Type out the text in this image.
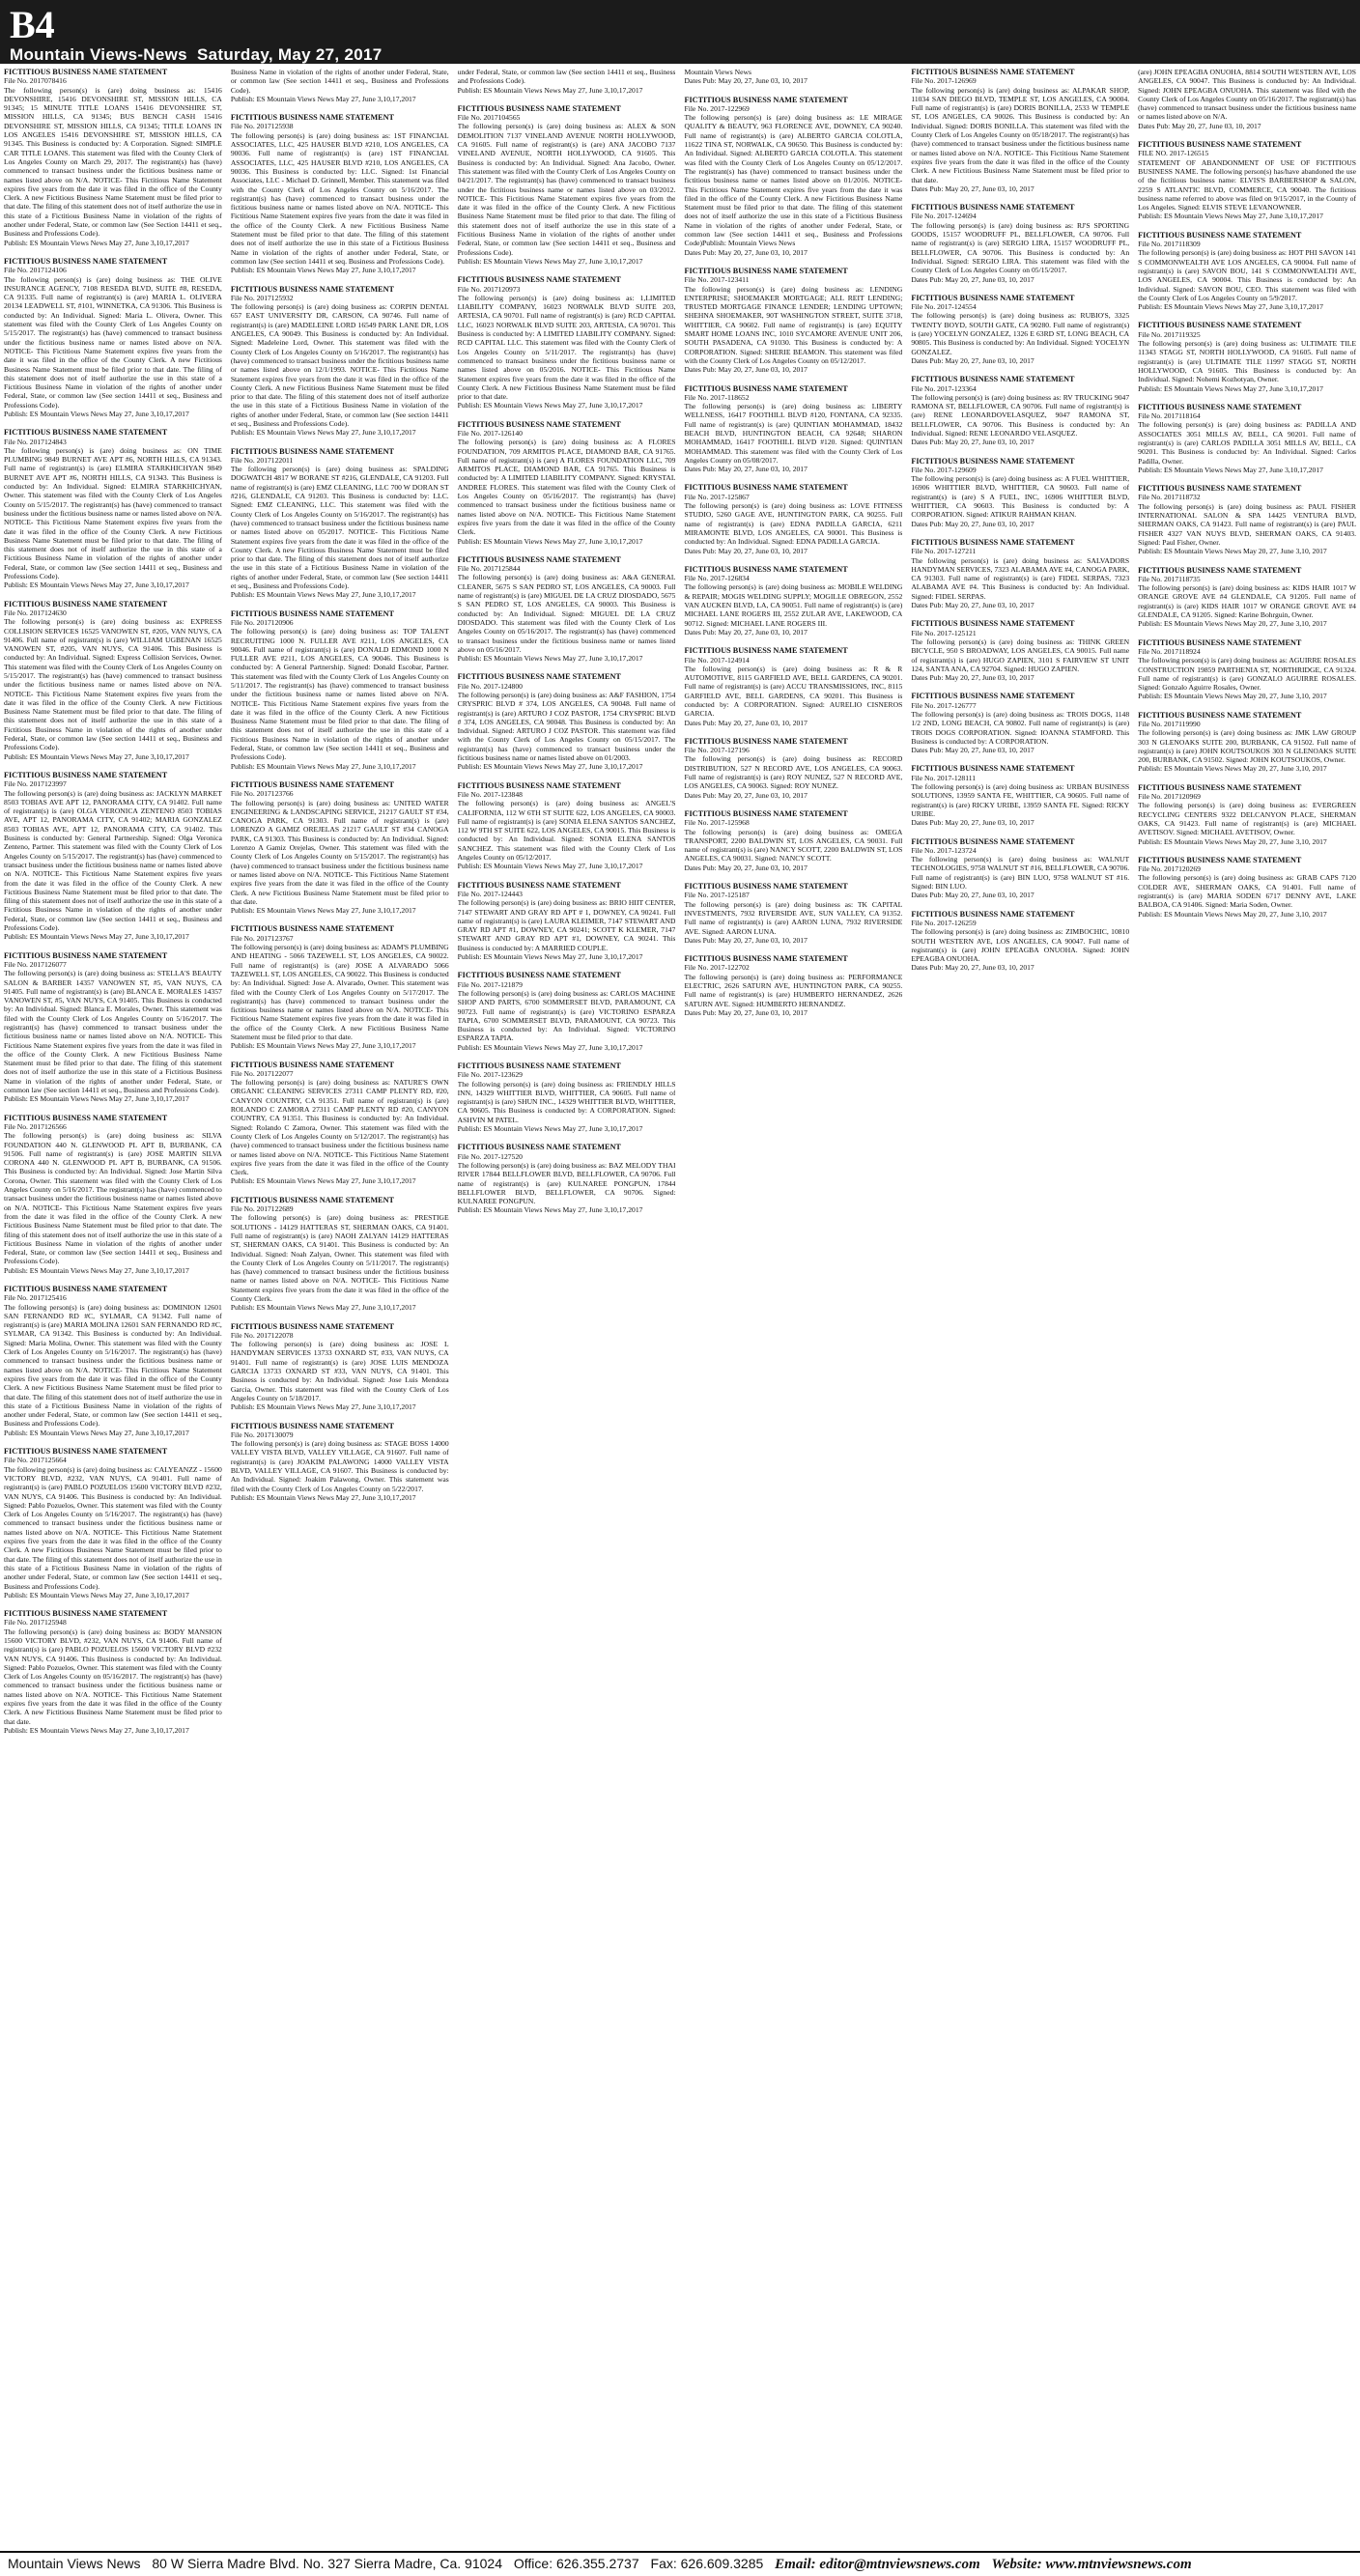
B4
Mountain Views-News Saturday, May 27, 2017
FICTITIOUS BUSINESS NAME STATEMENT

File No. 2017078416

The following person(s) is (are) doing business as: 15416 DEVONSHIRE, 15416 DEVONSHIRE ST, MISSION HILLS, CA 91345; 15 MINUTE TITLE LOANS 15416 DEVONSHIRE ST, MISSION HILLS, CA 91345; BUS BENCH CASH 15416 DEVONSHIRE ST, MISSION HILLS, CA 91345; TITLE LOANS IN LOS ANGELES 15416 DEVONSHIRE ST, MISSION HILLS, CA 91345. This Business is conducted by: A Corporation. Signed: SIMPLE CAR TITLE LOANS. This statement was filed with the County Clerk of Los Angeles County on March 29, 2017. The registrant(s) has (have) commenced to transact business under the fictitious business name or names listed above on N/A. NOTICE- This Fictitious Name Statement expires five years from the date it was filed in the office of the County Clerk. A new Fictitious Business Name Statement must be filed prior to that date. The filing of this statement does not of itself authorize the use in this state of a Fictitious Business Name in violation of the rights of another under Federal, State, or common law (See Section 14411 et seq., Business and Professions Code).

Publish: ES Mountain Views News May 27, June 3,10,17,2017

FICTITIOUS BUSINESS NAME STATEMENT

File No. 2017124106

The following person(s) is (are) doing business as: THE OLIVE INSURANCE AGENCY, 7108 RESEDA BLVD, SUITE #8, RESEDA, CA 91335. Full name of registrant(s) is (are) MARIA L. OLIVERA 20134 LEADWELL ST, #101, WINNETKA, CA 91306. This Business is conducted by: An Individual. Signed: Maria L. Olivera, Owner. This statement was filed with the County Clerk of Los Angeles County on 5/15/2017. The registrant(s) has (have) commenced to transact business under the fictitious business name or names listed above on N/A. NOTICE- This Fictitious Name Statement expires five years from the date it was filed in the office of the County Clerk. A new Fictitious Business Name Statement must be filed prior to that date. The filing of this statement does not of itself authorize the use in this state of a Fictitious Business Name in violation of the rights of another under Federal, State, or common law (See section 14411 et seq., Business and Professions Code).

Publish: ES Mountain Views News May 27, June 3,10,17,2017

FICTITIOUS BUSINESS NAME STATEMENT

File No. 2017124843

The following person(s) is (are) doing business as: ON TIME PLUMBING 9849 BURNET AVE APT #6, NORTH HILLS, CA 91343. Full name of registrant(s) is (are) ELMIRA STARKHICHYAN 9849 BURNET AVE APT #6, NORTH HILLS, CA 91343. This Business is conducted by: An Individual. Signed: ELMIRA STARKHICHYAN, Owner. This statement was filed with the County Clerk of Los Angeles County on 5/15/2017. The registrant(s) has (have) commenced to transact business under the fictitious business name or names listed above on N/A. NOTICE- This Fictitious Name Statement expires five years from the date it was filed in the office of the County Clerk. A new Fictitious Business Name Statement must be filed prior to that date. The filing of this statement does not of itself authorize the use in this state of a Fictitious Business Name in violation of the rights of another under Federal, State, or common law (See section 14411 et seq., Business and Professions Code).

Publish: ES Mountain Views News May 27, June 3,10,17,2017

FICTITIOUS BUSINESS NAME STATEMENT

File No. 2017124630

The following person(s) is (are) doing business as: EXPRESS COLLISION SERVICES 16525 VANOWEN ST, #205, VAN NUYS, CA 91406. Full name of registrant(s) is (are) WILLIAM UGBENAN 16525 VANOWEN ST, #205, VAN NUYS, CA 91406. This Business is conducted by: An Individual. Signed: Express Collision Services, Owner. This statement was filed with the County Clerk of Los Angeles County on 5/15/2017. The registrant(s) has (have) commenced to transact business under the fictitious business name or names listed above on N/A. NOTICE- This Fictitious Name Statement expires five years from the date it was filed in the office of the County Clerk. A new Fictitious Business Name Statement must be filed prior to that date. The filing of this statement does not of itself authorize the use in this state of a Fictitious Business Name in violation of the rights of another under Federal, State, or common law (See section 14411 et seq., Business and Professions Code).

Publish: ES Mountain Views News May 27, June 3,10,17,2017

FICTITIOUS BUSINESS NAME STATEMENT

File No. 2017123997

The following person(s) is (are) doing business as: JACKLYN MARKET 8503 TOBIAS AVE APT 12, PANORAMA CITY, CA 91402. Full name of registrant(s) is (are) OLGA VERONICA ZENTENO 8503 TOBIAS AVE, APT 12, PANORAMA CITY, CA 91402; MARIA GONZALEZ 8503 TOBIAS AVE, APT 12, PANORAMA CITY, CA 91402. This Business is conducted by: General Partnership. Signed: Olga Veronica Zenteno, Partner. This statement was filed with the County Clerk of Los Angeles County on 5/15/2017. The registrant(s) has (have) commenced to transact business under the fictitious business name or names listed above on N/A. NOTICE- This Fictitious Name Statement expires five years from the date it was filed in the office of the County Clerk. A new Fictitious Business Name Statement must be filed prior to that date. The filing of this statement does not of itself authorize the use in this state of a Fictitious Business Name in violation of the rights of another under Federal, State, or common law (See section 14411 et seq., Business and Professions Code).

Publish: ES Mountain Views News May 27, June 3,10,17,2017

FICTITIOUS BUSINESS NAME STATEMENT

File No. 2017126077

The following person(s) is (are) doing business as: STELLA'S BEAUTY SALON & BARBER 14357 VANOWEN ST, #5, VAN NUYS, CA 91405. Full name of registrant(s) is (are) BLANCA E. MORALES 14357 VANOWEN ST, #5, VAN NUYS, CA 91405. This Business is conducted by: An Individual. Signed: Blanca E. Morales, Owner. This statement was filed with the County Clerk of Los Angeles County on 5/16/2017. The registrant(s) has (have) commenced to transact business under the fictitious business name or names listed above on N/A. NOTICE- This Fictitious Name Statement expires five years from the date it was filed in the office of the County Clerk. A new Fictitious Business Name Statement must be filed prior to that date. The filing of this statement does not of itself authorize the use in this state of a Fictitious Business Name in violation of the rights of another under Federal, State, or common law (See section 14411 et seq., Business and Professions Code).

Publish: ES Mountain Views News May 27, June 3,10,17,2017

FICTITIOUS BUSINESS NAME STATEMENT

File No. 2017126566

The following person(s) is (are) doing business as: SILVA FOUNDATION 440 N. GLENWOOD PL APT B, BURBANK, CA 91506. Full name of registrant(s) is (are) JOSE MARTIN SILVA CORONA 440 N. GLENWOOD PL APT B, BURBANK, CA 91506. This Business is conducted by: An Individual. Signed: Jose Martin Silva Corona, Owner. This statement was filed with the County Clerk of Los Angeles County on 5/16/2017. The registrant(s) has (have) commenced to transact business under the fictitious business name or names listed above on N/A. NOTICE- This Fictitious Name Statement expires five years from the date it was filed in the office of the County Clerk. A new Fictitious Business Name Statement must be filed prior to that date. The filing of this statement does not of itself authorize the use in this state of a Fictitious Business Name in violation of the rights of another under Federal, State, or common law (See section 14411 et seq., Business and Professions Code).

Publish: ES Mountain Views News May 27, June 3,10,17,2017

FICTITIOUS BUSINESS NAME STATEMENT

File No. 2017125416

The following person(s) is (are) doing business as: DOMINION 12601 SAN FERNANDO RD #C, SYLMAR, CA 91342. Full name of registrant(s) is (are) MARIA MOLINA 12601 SAN FERNANDO RD #C, SYLMAR, CA 91342. This Business is conducted by: An Individual. Signed: Maria Molina, Owner. This statement was filed with the County Clerk of Los Angeles County on 5/16/2017. The registrant(s) has (have) commenced to transact business under the fictitious business name or names listed above on N/A. NOTICE- This Fictitious Name Statement expires five years from the date it was filed in the office of the County Clerk. A new Fictitious Business Name Statement must be filed prior to that date. The filing of this statement does not of itself authorize the use in this state of a Fictitious Business Name in violation of the rights of another under Federal, State, or common law (See section 14411 et seq., Business and Professions Code).

Publish: ES Mountain Views News May 27, June 3,10,17,2017

FICTITIOUS BUSINESS NAME STATEMENT

File No. 2017125664

The following person(s) is (are) doing business as: CALYEANZZ - 15600 VICTORY BLVD, #232, VAN NUYS, CA 91401. Full name of registrant(s) is (are) PABLO POZUELOS 15600 VICTORY BLVD #232, VAN NUYS, CA 91406. This Business is conducted by: An Individual. Signed: Pablo Pozuelos, Owner. This statement was filed with the County Clerk of Los Angeles County on 5/16/2017. The registrant(s) has (have) commenced to transact business under the fictitious business name or names listed above on N/A. NOTICE- This Fictitious Name Statement expires five years from the date it was filed in the office of the County Clerk. A new Fictitious Business Name Statement must be filed prior to that date. The filing of this statement does not of itself authorize the use in this state of a Fictitious Business Name in violation of the rights of another under Federal, State, or common law (See section 14411 et seq., Business and Professions Code).

Publish: ES Mountain Views News May 27, June 3,10,17,2017

FICTITIOUS BUSINESS NAME STATEMENT

File No. 2017125948

The following person(s) is (are) doing business as: BODY MANSION 15600 VICTORY BLVD, #232, VAN NUYS, CA 91406. Full name of registrant(s) is (are) PABLO POZUELOS 15600 VICTORY BLVD #232 VAN NUYS, CA 91406. This Business is conducted by: An Individual. Signed: Pablo Pozuelos, Owner. This statement was filed with the County Clerk of Los Angeles County on 05/16/2017. The registrant(s) has (have) commenced to transact business under the fictitious business name or names listed above on N/A. NOTICE- This Fictitious Name Statement expires five years from the date it was filed in the office of the County Clerk. A new Fictitious Business Name Statement must be filed prior to that date.

Publish: ES Mountain Views News May 27, June 3,10,17,2017

Business Name in violation of the rights of another under Federal, State, or common law (See section 14411 et seq., Business and Professions Code).

Publish: ES Mountain Views News May 27, June 3,10,17,2017

FICTITIOUS BUSINESS NAME STATEMENT

File No. 2017125938

The following person(s) is (are) doing business as: 1ST FINANCIAL ASSOCIATES, LLC, 425 HAUSER BLVD #210, LOS ANGELES, CA 90036. Full name of registrant(s) is (are) 1ST FINANCIAL ASSOCIATES, LLC, 425 HAUSER BLVD #210, LOS ANGELES, CA 90036. This Business is conducted by: LLC. Signed: 1st Financial Associates, LLC - Michael D. Grinnell, Member. This statement was filed with the County Clerk of Los Angeles County on 5/16/2017. The registrant(s) has (have) commenced to transact business under the fictitious business name or names listed above on N/A. NOTICE- This Fictitious Name Statement expires five years from the date it was filed in the office of the County Clerk. A new Fictitious Business Name Statement must be filed prior to that date. The filing of this statement does not of itself authorize the use in this state of a Fictitious Business Name in violation of the rights of another under Federal, State, or common law (See section 14411 et seq. Business and Professions Code).

Publish: ES Mountain Views News May 27, June 3,10,17,2017

FICTITIOUS BUSINESS NAME STATEMENT

File No. 2017125932

The following person(s) is (are) doing business as: CORPIN DENTAL 657 EAST UNIVERSITY DR, CARSON, CA 90746. Full name of registrant(s) is (are) MADELEINE LORD 16549 PARK LANE DR, LOS ANGELES, CA 90049. This Business is conducted by: An Individual. Signed: Madeleine Lord, Owner. This statement was filed with the County Clerk of Los Angeles County on 5/16/2017. The registrant(s) has (have) commenced to transact business under the fictitious business name or names listed above on 12/1/1993. NOTICE- This Fictitious Name Statement expires five years from the date it was filed in the office of the County Clerk. A new Fictitious Business Name Statement must be filed prior to that date. The filing of this statement does not of itself authorize the use in this state of a Fictitious Business Name in violation of the rights of another under Federal, State, or common law (See section 14411 et seq., Business and Professions Code).

Publish: ES Mountain Views News May 27, June 3,10,17,2017

FICTITIOUS BUSINESS NAME STATEMENT

File No. 2017122011

The following person(s) is (are) doing business as: SPALDING DOGWATCH 4817 W BORANE ST #216, GLENDALE, CA 91203. Full name of registrant(s) is (are) EMZ CLEANING, LLC 700 W DORAN ST #216, GLENDALE, CA 91203. This Business is conducted by: LLC. Signed: EMZ CLEANING, LLC. This statement was filed with the County Clerk of Los Angeles County on 5/16/2017. The registrant(s) has (have) commenced to transact business under the fictitious business name or names listed above on 05/2017. NOTICE- This Fictitious Name Statement expires five years from the date it was filed in the office of the County Clerk. A new Fictitious Business Name Statement must be filed prior to that date. The filing of this statement does not of itself authorize the use in this state of a Fictitious Business Name in violation of the rights of another under Federal, State, or common law (See section 14411 et seq., Business and Professions Code).

Publish: ES Mountain Views News May 27, June 3,10,17,2017

FICTITIOUS BUSINESS NAME STATEMENT

File No. 2017120906

The following person(s) is (are) doing business as: TOP TALENT RECRUITING 1000 N. FULLER AVE #211, LOS ANGELES, CA 90046. Full name of registrant(s) is (are) DONALD EDMOND 1000 N FULLER AVE #211, LOS ANGELES, CA 90046. This Business is conducted by: A General Partnership. Signed: Donald Escobar, Partner. This statement was filed with the County Clerk of Los Angeles County on 5/11/2017. The registrant(s) has (have) commenced to transact business under the fictitious business name or names listed above on N/A. NOTICE- This Fictitious Name Statement expires five years from the date it was filed in the office of the County Clerk. A new Fictitious Business Name Statement must be filed prior to that date. The filing of this statement does not of itself authorize the use in this state of a Fictitious Business Name in violation of the rights of another under Federal, State, or common law (See section 14411 et seq., Business and Professions Code).

Publish: ES Mountain Views News May 27, June 3,10,17,2017

FICTITIOUS BUSINESS NAME STATEMENT

File No. 2017123766

The following person(s) is (are) doing business as: UNITED WATER ENGINEERING & LANDSCAPING SERVICE, 21217 GAULT ST #34, CANOGA PARK, CA 91303. Full name of registrant(s) is (are) LORENZO A GAMIZ OREJELAS 21217 GAULT ST #34 CANOGA PARK, CA 91303. This Business is conducted by: An Individual. Signed: Lorenzo A Gamiz Orejelas, Owner. This statement was filed with the County Clerk of Los Angeles County on 5/15/2017. The registrant(s) has (have) commenced to transact business under the fictitious business name or names listed above on N/A. NOTICE- This Fictitious Name Statement expires five years from the date it was filed in the office of the County Clerk. A new Fictitious Business Name Statement must be filed prior to that date.

Publish: ES Mountain Views News May 27, June 3,10,17,2017

FICTITIOUS BUSINESS NAME STATEMENT

File No. 2017123767

The following person(s) is (are) doing business as: ADAM'S PLUMBING AND HEATING - 5066 TAZEWELL ST, LOS ANGELES, CA 90022. Full name of registrant(s) is (are) JOSE A ALVARADO 5066 TAZEWELL ST, LOS ANGELES, CA 90022. This Business is conducted by: An Individual. Signed: Jose A. Alvarado, Owner. This statement was filed with the County Clerk of Los Angeles County on 5/17/2017. The registrant(s) has (have) commenced to transact business under the fictitious business name or names listed above on N/A. NOTICE- This Fictitious Name Statement expires five years from the date it was filed in the office of the County Clerk. A new Fictitious Business Name Statement must be filed prior to that date.

Publish: ES Mountain Views News May 27, June 3,10,17,2017

FICTITIOUS BUSINESS NAME STATEMENT

File No. 2017122077

The following person(s) is (are) doing business as: NATURE'S OWN ORGANIC CLEANING SERVICES 27311 CAMP PLENTY RD, #20, CANYON COUNTRY, CA 91351. Full name of registrant(s) is (are) ROLANDO C ZAMORA 27311 CAMP PLENTY RD #20, CANYON COUNTRY, CA 91351. This Business is conducted by: An Individual. Signed: Rolando C Zamora, Owner. This statement was filed with the County Clerk of Los Angeles County on 5/12/2017. The registrant(s) has (have) commenced to transact business under the fictitious business name or names listed above on N/A. NOTICE- This Fictitious Name Statement expires five years from the date it was filed in the office of the County Clerk.

Publish: ES Mountain Views News May 27, June 3,10,17,2017

FICTITIOUS BUSINESS NAME STATEMENT

File No. 2017122689

The following person(s) is (are) doing business as: PRESTIGE SOLUTIONS - 14129 HATTERAS ST, SHERMAN OAKS, CA 91401. Full name of registrant(s) is (are) NAOH ZALYAN 14129 HATTERAS ST, SHERMAN OAKS, CA 91401. This Business is conducted by: An Individual. Signed: Noah Zalyan, Owner. This statement was filed with the County Clerk of Los Angeles County on 5/11/2017. The registrant(s) has (have) commenced to transact business under the fictitious business name or names listed above on N/A. NOTICE- This Fictitious Name Statement expires five years from the date it was filed in the office of the County Clerk.

Publish: ES Mountain Views News May 27, June 3,10,17,2017

FICTITIOUS BUSINESS NAME STATEMENT

File No. 2017122078

The following person(s) is (are) doing business as: JOSE L HANDYMAN SERVICES 13733 OXNARD ST, #33, VAN NUYS, CA 91401. Full name of registrant(s) is (are) JOSE LUIS MENDOZA GARCIA 13733 OXNARD ST #33, VAN NUYS, CA 91401. This Business is conducted by: An Individual. Signed: Jose Luis Mendoza Garcia, Owner. This statement was filed with the County Clerk of Los Angeles County on 5/18/2017.

Publish: ES Mountain Views News May 27, June 3,10,17,2017

FICTITIOUS BUSINESS NAME STATEMENT

File No. 2017130079

The following person(s) is (are) doing business as: STAGE BOSS 14000 VALLEY VISTA BLVD, VALLEY VILLAGE, CA 91607. Full name of registrant(s) is (are) JOAKIM PALAWONG 14000 VALLEY VISTA BLVD, VALLEY VILLAGE, CA 91607. This Business is conducted by: An Individual. Signed: Joakim Palawong, Owner. This statement was filed with the County Clerk of Los Angeles County on 5/22/2017.

Publish: ES Mountain Views News May 27, June 3,10,17,2017

under Federal, State, or common law (See section 14411 et seq., Business and Professions Code).

Publish: ES Mountain Views News May 27, June 3,10,17,2017

FICTITIOUS BUSINESS NAME STATEMENT

File No. 2017104565

The following person(s) is (are) doing business as: ALEX & SON DEMOLITION 7137 VINELAND AVENUE NORTH HOLLYWOOD, CA 91605. Full name of registrant(s) is (are) ANA JACOBO 7137 VINELAND AVENUE, NORTH HOLLYWOOD, CA 91605. This Business is conducted by: An Individual. Signed: Ana Jacobo, Owner. This statement was filed with the County Clerk of Los Angeles County on 04/21/2017. The registrant(s) has (have) commenced to transact business under the fictitious business name or names listed above on 03/2012. NOTICE- This Fictitious Name Statement expires five years from the date it was filed in the office of the County Clerk. A new Fictitious Business Name Statement must be filed prior to that date. The filing of this statement does not of itself authorize the use in this state of a Fictitious Business Name in violation of the rights of another under Federal, State, or common law (See section 14411 et seq., Business and Professions Code).

Publish: ES Mountain Views News May 27, June 3,10,17,2017

FICTITIOUS BUSINESS NAME STATEMENT

File No. 2017120973

The following person(s) is (are) doing business as: 1,LIMITED LIABILITY COMPANY, 16023 NORWALK BLVD SUITE 203, ARTESIA, CA 90701. Full name of registrant(s) is (are) RCD CAPITAL LLC, 16023 NORWALK BLVD SUITE 203, ARTESIA, CA 90701. This Business is conducted by: A LIMITED LIABILITY COMPANY. Signed: RCD CAPITAL LLC. This statement was filed with the County Clerk of Los Angeles County on 5/11/2017. The registrant(s) has (have) commenced to transact business under the fictitious business name or names listed above on 05/2016. NOTICE- This Fictitious Name Statement expires five years from the date it was filed in the office of the County Clerk. A new Fictitious Business Name Statement must be filed prior to that date.

Publish: ES Mountain Views News May 27, June 3,10,17,2017

FICTITIOUS BUSINESS NAME STATEMENT

File No. 2017-126140

The following person(s) is (are) doing business as: A FLORES FOUNDATION, 709 ARMITOS PLACE, DIAMOND BAR, CA 91765. Full name of registrant(s) is (are) A FLORES FOUNDATION LLC, 709 ARMITOS PLACE, DIAMOND BAR, CA 91765. This Business is conducted by: A LIMITED LIABILITY COMPANY. Signed: KRYSTAL ANDREE FLORES. This statement was filed with the County Clerk of Los Angeles County on 05/16/2017. The registrant(s) has (have) commenced to transact business under the fictitious business name or names listed above on N/A. NOTICE- This Fictitious Name Statement expires five years from the date it was filed in the office of the County Clerk.

Publish: ES Mountain Views News May 27, June 3,10,17,2017

FICTITIOUS BUSINESS NAME STATEMENT

File No. 2017125844

The following person(s) is (are) doing business as: A&A GENERAL CLEANER, 5675 S SAN PEDRO ST, LOS ANGELES, CA 90003. Full name of registrant(s) is (are) MIGUEL DE LA CRUZ DIOSDADO, 5675 S SAN PEDRO ST, LOS ANGELES, CA 90003. This Business is conducted by: An Individual. Signed: MIGUEL DE LA CRUZ DIOSDADO. This statement was filed with the County Clerk of Los Angeles County on 05/16/2017. The registrant(s) has (have) commenced to transact business under the fictitious business name or names listed above on 05/16/2017.

Publish: ES Mountain Views News May 27, June 3,10,17,2017

FICTITIOUS BUSINESS NAME STATEMENT

File No. 2017-124800

The following person(s) is (are) doing business as: A&F FASHION, 1754 CRYSPRIC BLVD # 374, LOS ANGELES, CA 90048. Full name of registrant(s) is (are) ARTURO J COZ PASTOR, 1754 CRYSPRIC BLVD # 374, LOS ANGELES, CA 90048. This Business is conducted by: An Individual. Signed: ARTURO J COZ PASTOR. This statement was filed with the County Clerk of Los Angeles County on 05/15/2017. The registrant(s) has (have) commenced to transact business under the fictitious business name or names listed above on 01/2003.

Publish: ES Mountain Views News May 27, June 3,10,17,2017

FICTITIOUS BUSINESS NAME STATEMENT

File No. 2017-123848

The following person(s) is (are) doing business as: ANGEL'S CALIFORNIA, 112 W 6TH ST SUITE 622, LOS ANGELES, CA 90003. Full name of registrant(s) is (are) SONIA ELENA SANTOS SANCHEZ, 112 W 9TH ST SUITE 622, LOS ANGELES, CA 90015. This Business is conducted by: An Individual. Signed: SONIA ELENA SANTOS SANCHEZ. This statement was filed with the County Clerk of Los Angeles County on 05/12/2017.

Publish: ES Mountain Views News May 27, June 3,10,17,2017

FICTITIOUS BUSINESS NAME STATEMENT

File No. 2017-124443

The following person(s) is (are) doing business as: BRIO HIIT CENTER, 7147 STEWART AND GRAY RD APT # 1, DOWNEY, CA 90241. Full name of registrant(s) is (are) LAURA KLEIMER, 7147 STEWART AND GRAY RD APT #1, DOWNEY, CA 90241; SCOTT K KLEMER, 7147 STEWART AND GRAY RD APT #1, DOWNEY, CA 90241. This Business is conducted by: A MARRIED COUPLE.

Publish: ES Mountain Views News May 27, June 3,10,17,2017

FICTITIOUS BUSINESS NAME STATEMENT

File No. 2017-121879

The following person(s) is (are) doing business as: CARLOS MACHINE SHOP AND PARTS, 6700 SOMMERSET BLVD, PARAMOUNT, CA 90723. Full name of registrant(s) is (are) VICTORINO ESPARZA TAPIA, 6700 SOMMERSET BLVD, PARAMOUNT, CA 90723. This Business is conducted by: An Individual. Signed: VICTORINO ESPARZA TAPIA.

Publish: ES Mountain Views News May 27, June 3,10,17,2017

FICTITIOUS BUSINESS NAME STATEMENT

File No. 2017-123629

The following person(s) is (are) doing business as: FRIENDLY HILLS INN, 14329 WHITTIER BLVD, WHITTIER, CA 90605. Full name of registrant(s) is (are) SHUN INC., 14329 WHITTIER BLVD, WHITTIER, CA 90605. This Business is conducted by: A CORPORATION. Signed: ASHVIN M PATEL.

Publish: ES Mountain Views News May 27, June 3,10,17,2017

FICTITIOUS BUSINESS NAME STATEMENT

File No. 2017-127520

The following person(s) is (are) doing business as: BAZ MELODY THAI RIVER 17844 BELLFLOWER BLVD, BELLFLOWER, CA 90706. Full name of registrant(s) is (are) KULNAREE PONGPUN, 17844 BELLFLOWER BLVD, BELLFLOWER, CA 90706. Signed: KULNAREE PONGPUN.

Publish: ES Mountain Views News May 27, June 3,10,17,2017

Mountain Views News

Dates Pub: May 20, 27, June 03, 10, 2017

FICTITIOUS BUSINESS NAME STATEMENT

File No. 2017-122969

The following person(s) is (are) doing business as: LE MIRAGE QUALITY & BEAUTY, 963 FLORENCE AVE, DOWNEY, CA 90240. Full name of registrant(s) is (are) ALBERTO GARCIA COLOTLA, 11622 TINA ST, NORWALK, CA 90650. This Business is conducted by: An Individual. Signed: ALBERTO GARCIA COLOTLA. This statement was filed with the County Clerk of Los Angeles County on 05/12/2017. The registrant(s) has (have) commenced to transact business under the fictitious business name or names listed above on 01/2016. NOTICE- This Fictitious Name Statement expires five years from the date it was filed in the office of the County Clerk. A new Fictitious Business Name Statement must be filed prior to that date. The filing of this statement does not of itself authorize the use in this state of a Fictitious Business Name in violation of the rights of another under Federal, State, or common law (See section 14411 et seq., Business and Professions Code)Publish: Mountain Views News

Dates Pub: May 20, 27, June 03, 10, 2017

FICTITIOUS BUSINESS NAME STATEMENT

File No. 2017-123411

The following person(s) is (are) doing business as: LENDING ENTERPRISE; SHOEMAKER MORTGAGE; ALL REIT LENDING; TRUSTED MORTGAGE FINANCE LENDER; LENDING UPTOWN; SHEHNA SHOEMAKER, 90T WASHINGTON STREET, SUITE 3718, WHITTIER, CA 90602. Full name of registrant(s) is (are) EQUITY SMART HOME LOANS INC, 1010 SYCAMORE AVENUE UNIT 206, SOUTH PASADENA, CA 91030. This Business is conducted by: A CORPORATION. Signed: SHERIE BEAMON. This statement was filed with the County Clerk of Los Angeles County on 05/12/2017.

Dates Pub: May 20, 27, June 03, 10, 2017

FICTITIOUS BUSINESS NAME STATEMENT

File No. 2017-118652

The following person(s) is (are) doing business as: LIBERTY WELLNESS, 16417 FOOTHILL BLVD #120, FONTANA, CA 92335. Full name of registrant(s) is (are) QUINTIAN MOHAMMAD, 18432 BEACH BLVD, HUNTINGTON BEACH, CA 92648; SHARON MOHAMMAD, 16417 FOOTHILL BLVD #120. Signed: QUINTIAN MOHAMMAD. This statement was filed with the County Clerk of Los Angeles County on 05/08/2017.

Dates Pub: May 20, 27, June 03, 10, 2017

FICTITIOUS BUSINESS NAME STATEMENT

File No. 2017-125867

The following person(s) is (are) doing business as: LOVE FITNESS STUDIO, 5260 GAGE AVE, HUNTINGTON PARK, CA 90255. Full name of registrant(s) is (are) EDNA PADILLA GARCIA, 6211 MIRAMONTE BLVD, LOS ANGELES, CA 90001. This Business is conducted by: An Individual. Signed: EDNA PADILLA GARCIA.

Dates Pub: May 20, 27, June 03, 10, 2017

FICTITIOUS BUSINESS NAME STATEMENT

File No. 2017-126834

The following person(s) is (are) doing business as: MOBILE WELDING & REPAIR; MOGIS WELDING SUPPLY; MOGILLE OBREGON, 2552 VAN AUCKEN BLVD, LA, CA 90051. Full name of registrant(s) is (are) MICHAEL LANE ROGERS III, 2552 ZULAR AVE, LAKEWOOD, CA 90712. Signed: MICHAEL LANE ROGERS III.

Dates Pub: May 20, 27, June 03, 10, 2017

FICTITIOUS BUSINESS NAME STATEMENT

File No. 2017-124914

The following person(s) is (are) doing business as: R & R AUTOMOTIVE, 8115 GARFIELD AVE, BELL GARDENS, CA 90201. Full name of registrant(s) is (are) ACCU TRANSMISSIONS, INC, 8115 GARFIELD AVE, BELL GARDENS, CA 90201. This Business is conducted by: A CORPORATION. Signed: AURELIO CISNEROS GARCIA.

Dates Pub: May 20, 27, June 03, 10, 2017

FICTITIOUS BUSINESS NAME STATEMENT

File No. 2017-127196

The following person(s) is (are) doing business as: RECORD DISTRIBUTION, 527 N RECORD AVE, LOS ANGELES, CA 90063. Full name of registrant(s) is (are) ROY NUNEZ, 527 N RECORD AVE, LOS ANGELES, CA 90063. Signed: ROY NUNEZ.

Dates Pub: May 20, 27, June 03, 10, 2017

FICTITIOUS BUSINESS NAME STATEMENT

File No. 2017-125968

The following person(s) is (are) doing business as: OMEGA TRANSPORT, 2200 BALDWIN ST, LOS ANGELES, CA 90031. Full name of registrant(s) is (are) NANCY SCOTT, 2200 BALDWIN ST, LOS ANGELES, CA 90031. Signed: NANCY SCOTT.

Dates Pub: May 20, 27, June 03, 10, 2017

FICTITIOUS BUSINESS NAME STATEMENT

File No. 2017-125187

The following person(s) is (are) doing business as: TK CAPITAL INVESTMENTS, 7932 RIVERSIDE AVE, SUN VALLEY, CA 91352. Full name of registrant(s) is (are) AARON LUNA, 7932 RIVERSIDE AVE. Signed: AARON LUNA.

Dates Pub: May 20, 27, June 03, 10, 2017

FICTITIOUS BUSINESS NAME STATEMENT

File No. 2017-122702

The following person(s) is (are) doing business as: PERFORMANCE ELECTRIC, 2626 SATURN AVE, HUNTINGTON PARK, CA 90255. Full name of registrant(s) is (are) HUMBERTO HERNANDEZ, 2626 SATURN AVE. Signed: HUMBERTO HERNANDEZ.

Dates Pub: May 20, 27, June 03, 10, 2017

FICTITIOUS BUSINESS NAME STATEMENT

File No. 2017-126969

The following person(s) is (are) doing business as: ALPAKAR SHOP, 11034 SAN DIEGO BLVD, TEMPLE ST, LOS ANGELES, CA 90004. Full name of registrant(s) is (are) DORIS BONILLA, 2533 W TEMPLE ST, LOS ANGELES, CA 90026. This Business is conducted by: An Individual. Signed: DORIS BONILLA. This statement was filed with the County Clerk of Los Angeles County on 05/18/2017. The registrant(s) has (have) commenced to transact business under the fictitious business name or names listed above on N/A. NOTICE- This Fictitious Name Statement expires five years from the date it was filed in the office of the County Clerk. A new Fictitious Business Name Statement must be filed prior to that date.

Dates Pub: May 20, 27, June 03, 10, 2017

FICTITIOUS BUSINESS NAME STATEMENT

File No. 2017-124694

The following person(s) is (are) doing business as: RJ'S SPORTING GOODS, 15157 WOODRUFF PL, BELLFLOWER, CA 90706. Full name of registrant(s) is (are) SERGIO LIRA, 15157 WOODRUFF PL, BELLFLOWER, CA 90706. This Business is conducted by: An Individual. Signed: SERGIO LIRA. This statement was filed with the County Clerk of Los Angeles County on 05/15/2017.

Dates Pub: May 20, 27, June 03, 10, 2017

FICTITIOUS BUSINESS NAME STATEMENT

File No. 2017-124554

The following person(s) is (are) doing business as: RUBIO'S, 3325 TWENTY BOYD, SOUTH GATE, CA 90280. Full name of registrant(s) is (are) YOCELYN GONZALEZ, 1326 E 63RD ST, LONG BEACH, CA 90805. This Business is conducted by: An Individual. Signed: YOCELYN GONZALEZ.

Dates Pub: May 20, 27, June 03, 10, 2017

FICTITIOUS BUSINESS NAME STATEMENT

File No. 2017-123364

The following person(s) is (are) doing business as: RV TRUCKING 9047 RAMONA ST, BELLFLOWER, CA 90706. Full name of registrant(s) is (are) RENE LEONARDOVELASQUEZ, 9047 RAMONA ST, BELLFLOWER, CA 90706. This Business is conducted by: An Individual. Signed: RENE LEONARDO VELASQUEZ.

Dates Pub: May 20, 27, June 03, 10, 2017

FICTITIOUS BUSINESS NAME STATEMENT

File No. 2017-129609

The following person(s) is (are) doing business as: A FUEL WHITTIER, 16906 WHITTIER BLVD, WHITTIER, CA 90603. Full name of registrant(s) is (are) S A FUEL, INC, 16906 WHITTIER BLVD, WHITTIER, CA 90603. This Business is conducted by: A CORPORATION. Signed: ATIKUR RAHMAN KHAN.

Dates Pub: May 20, 27, June 03, 10, 2017

FICTITIOUS BUSINESS NAME STATEMENT

File No. 2017-127211

The following person(s) is (are) doing business as: SALVADORS HANDYMAN SERVICES, 7323 ALABAMA AVE #4, CANOGA PARK, CA 91303. Full name of registrant(s) is (are) FIDEL SERPAS, 7323 ALABAMA AVE #4. This Business is conducted by: An Individual. Signed: FIDEL SERPAS.

Dates Pub: May 20, 27, June 03, 10, 2017

FICTITIOUS BUSINESS NAME STATEMENT

File No. 2017-125121

The following person(s) is (are) doing business as: THINK GREEN BICYCLE, 950 S BROADWAY, LOS ANGELES, CA 90015. Full name of registrant(s) is (are) HUGO ZAPIEN, 3101 S FAIRVIEW ST UNIT 124, SANTA ANA, CA 92704. Signed: HUGO ZAPIEN.

Dates Pub: May 20, 27, June 03, 10, 2017

FICTITIOUS BUSINESS NAME STATEMENT

File No. 2017-126777

The following person(s) is (are) doing business as: TROIS DOGS, 1148 1/2 2ND, LONG BEACH, CA 90802. Full name of registrant(s) is (are) TROIS DOGS CORPORATION. Signed: IOANNA STAMFORD. This Business is conducted by: A CORPORATION.

Dates Pub: May 20, 27, June 03, 10, 2017

FICTITIOUS BUSINESS NAME STATEMENT

File No. 2017-128111

The following person(s) is (are) doing business as: URBAN BUSINESS SOLUTIONS, 13959 SANTA FE, WHITTIER, CA 90605. Full name of registrant(s) is (are) RICKY URIBE, 13959 SANTA FE. Signed: RICKY URIBE.

Dates Pub: May 20, 27, June 03, 10, 2017

FICTITIOUS BUSINESS NAME STATEMENT

File No. 2017-123724

The following person(s) is (are) doing business as: WALNUT TECHNOLOGIES, 9758 WALNUT ST #16, BELLFLOWER, CA 90706. Full name of registrant(s) is (are) BIN LUO, 9758 WALNUT ST #16. Signed: BIN LUO.

Dates Pub: May 20, 27, June 03, 10, 2017

FICTITIOUS BUSINESS NAME STATEMENT

File No. 2017-126259

The following person(s) is (are) doing business as: ZIMBOCHIC, 10810 SOUTH WESTERN AVE, LOS ANGELES, CA 90047. Full name of registrant(s) is (are) JOHN EPEAGBA ONUOHA. Signed: JOHN EPEAGBA ONUOHA.

Dates Pub: May 20, 27, June 03, 10, 2017

(are) JOHN EPEAGBA ONUOHA, 8814 SOUTH WESTERN AVE, LOS ANGELES, CA 90047. This Business is conducted by: An Individual. Signed: JOHN EPEAGBA ONUOHA. This statement was filed with the County Clerk of Los Angeles County on 05/16/2017. The registrant(s) has (have) commenced to transact business under the fictitious business name or names listed above on N/A.

Dates Pub: May 20, 27, June 03, 10, 2017

FICTITIOUS BUSINESS NAME STATEMENT

FILE NO. 2017-126515

STATEMENT OF ABANDONMENT OF USE OF FICTITIOUS BUSINESS NAME. The following person(s) has/have abandoned the use of the fictitious business name: ELVIS'S BARBERSHOP & SALON, 2259 S ATLANTIC BLVD, COMMERCE, CA 90040. The fictitious business name referred to above was filed on 9/15/2017, in the County of Los Angeles. Signed: ELVIS STEVE LEVANOWNER.

Publish: ES Mountain Views News May 27, June 3,10,17,2017

FICTITIOUS BUSINESS NAME STATEMENT

File No. 2017118309

The following person(s) is (are) doing business as: HOT PHI SAVON 141 S COMMONWEALTH AVE LOS ANGELES, CA 90004. Full name of registrant(s) is (are) SAVON BOU, 141 S COMMONWEALTH AVE, LOS ANGELES, CA 90004. This Business is conducted by: An Individual. Signed: SAVON BOU, CEO. This statement was filed with the County Clerk of Los Angeles County on 5/9/2017.

Publish: ES Mountain Views News May 27, June 3,10,17,2017

FICTITIOUS BUSINESS NAME STATEMENT

File No. 2017119325

The following person(s) is (are) doing business as: ULTIMATE TILE 11343 STAGG ST, NORTH HOLLYWOOD, CA 91605. Full name of registrant(s) is (are) ULTIMATE TILE 11997 STAGG ST, NORTH HOLLYWOOD, CA 91605. This Business is conducted by: An Individual. Signed: Nohemi Kozhotyan, Owner.

Publish: ES Mountain Views News May 27, June 3,10,17,2017

FICTITIOUS BUSINESS NAME STATEMENT

File No. 2017118164

The following person(s) is (are) doing business as: PADILLA AND ASSOCIATES 3051 MILLS AV, BELL, CA 90201. Full name of registrant(s) is (are) CARLOS PADILLA 3051 MILLS AV, BELL, CA 90201. This Business is conducted by: An Individual. Signed: Carlos Padilla, Owner.

Publish: ES Mountain Views News May 27, June 3,10,17,2017

FICTITIOUS BUSINESS NAME STATEMENT

File No. 2017118732

The following person(s) is (are) doing business as: PAUL FISHER INTERNATIONAL SALON & SPA 14425 VENTURA BLVD, SHERMAN OAKS, CA 91423. Full name of registrant(s) is (are) PAUL FISHER 4327 VAN NUYS BLVD, SHERMAN OAKS, CA 91403. Signed: Paul Fisher, Owner.

Publish: ES Mountain Views News May 20, 27, June 3,10, 2017

FICTITIOUS BUSINESS NAME STATEMENT

File No. 2017118735

The following person(s) is (are) doing business as: KIDS HAIR 1017 W ORANGE GROVE AVE #4 GLENDALE, CA 91205. Full name of registrant(s) is (are) KIDS HAIR 1017 W ORANGE GROVE AVE #4 GLENDALE, CA 91205. Signed: Karine Bohrguin, Owner.

Publish: ES Mountain Views News May 20, 27, June 3,10, 2017

FICTITIOUS BUSINESS NAME STATEMENT

File No. 2017118924

The following person(s) is (are) doing business as: AGUIRRE ROSALES CONSTRUCTION 19859 PARTHENIA ST, NORTHRIDGE, CA 91324. Full name of registrant(s) is (are) GONZALO AGUIRRE ROSALES. Signed: Gonzalo Aguirre Rosales, Owner.

Publish: ES Mountain Views News May 20, 27, June 3,10, 2017

FICTITIOUS BUSINESS NAME STATEMENT

File No. 2017119990

The following person(s) is (are) doing business as: JMK LAW GROUP 303 N GLENOAKS SUITE 200, BURBANK, CA 91502. Full name of registrant(s) is (are) JOHN KOUTSOUKOS 303 N GLENOAKS SUITE 200, BURBANK, CA 91502. Signed: JOHN KOUTSOUKOS, Owner.

Publish: ES Mountain Views News May 20, 27, June 3,10, 2017

FICTITIOUS BUSINESS NAME STATEMENT

File No. 2017120969

The following person(s) is (are) doing business as: EVERGREEN RECYCLING CENTERS 9322 DELCANYON PLACE, SHERMAN OAKS, CA 91423. Full name of registrant(s) is (are) MICHAEL AVETISOV. Signed: MICHAEL AVETISOV, Owner.

Publish: ES Mountain Views News May 20, 27, June 3,10, 2017

FICTITIOUS BUSINESS NAME STATEMENT

File No. 2017120269

The following person(s) is (are) doing business as: GRAB CAPS 7120 COLDER AVE, SHERMAN OAKS, CA 91401. Full name of registrant(s) is (are) MARIA SODEN 6717 DENNY AVE, LAKE BALBOA, CA 91406. Signed: Maria Soden, Owner.

Publish: ES Mountain Views News May 20, 27, June 3,10, 2017

Mountain Views News 80 W Sierra Madre Blvd. No. 327 Sierra Madre, Ca. 91024 Office: 626.355.2737 Fax: 626.609.3285 Email: editor@mtnviewsnews.com Website: www.mtnviewsnews.com
